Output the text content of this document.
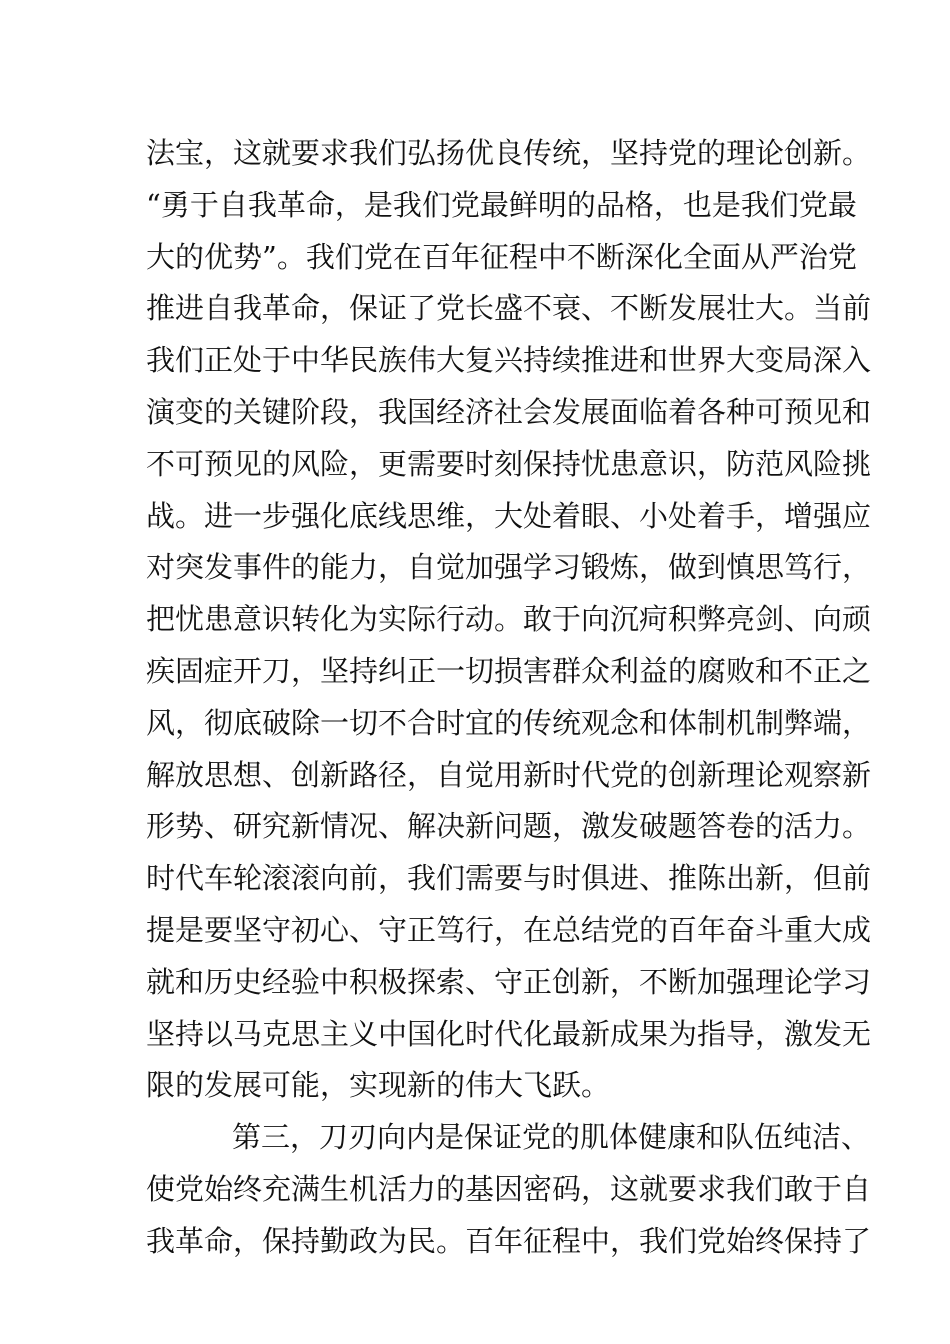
法宝，这就要求我们弘扬优良传统，坚持党的理论创新。
“勇于自我革命，是我们党最鲜明的品格，也是我们党最
大的优势”。我们党在百年征程中不断深化全面从严治党
推进自我革命，保证了党长盛不衰、不断发展壮大。当前
我们正处于中华民族伟大复兴持续推进和世界大变局深入
演变的关键阶段，我国经济社会发展面临着各种可预见和
不可预见的风险，更需要时刻保持忧患意识，防范风险挑
战。进一步强化底线思维，大处着眼、小处着手，增强应
对突发事件的能力，自觉加强学习锻炼，做到慎思笃行，
把忧患意识转化为实际行动。敢于向沉疴积弊亮剑、向顽
疾固症开刀，坚持纠正一切损害群众利益的腐败和不正之
风，彻底破除一切不合时宜的传统观念和体制机制弊端，
解放思想、创新路径，自觉用新时代党的创新理论观察新
形势、研究新情况、解决新问题，激发破题答卷的活力。
时代车轮滚滚向前，我们需要与时俱进、推陈出新，但前
提是要坚守初心、守正笃行，在总结党的百年奋斗重大成
就和历史经验中积极探索、守正创新，不断加强理论学习
坚持以马克思主义中国化时代化最新成果为指导，激发无
限的发展可能，实现新的伟大飞跃。
第三，刀刃向内是保证党的肌体健康和队伍纯洁、
使党始终充满生机活力的基因密码，这就要求我们敢于自
我革命，保持勤政为民。百年征程中，我们党始终保持了
